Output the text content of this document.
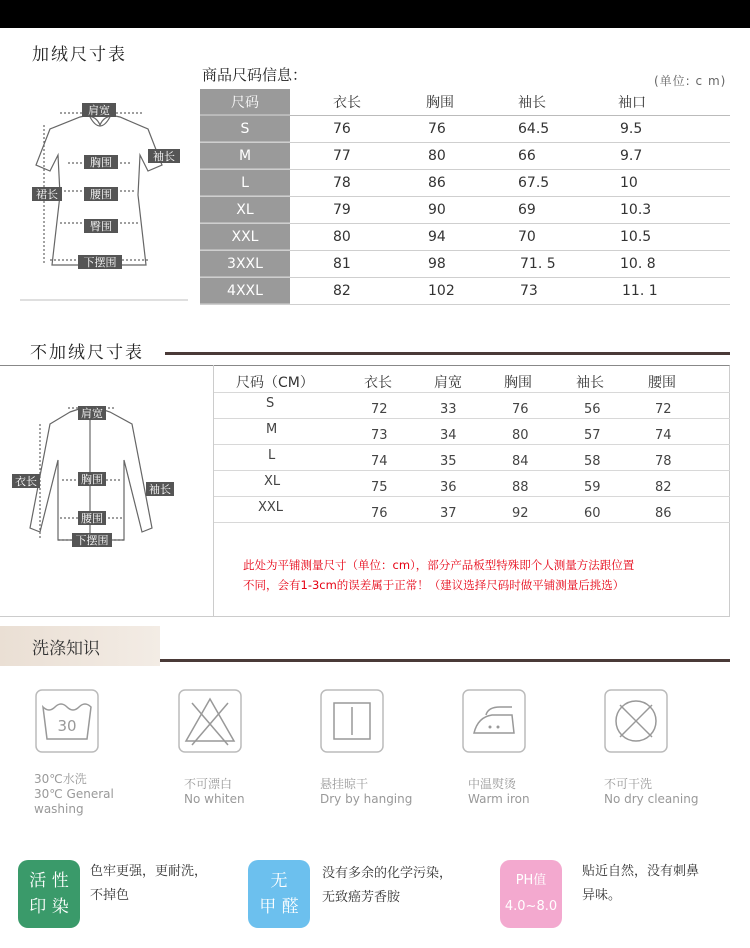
加绒尺寸表
肩宽
胸围	袖长
裙长	腰围
臀围
下摆围
商品尺码信息：	(单位: c m)
尺码	衣长	胸围	袖长	袖口
S	76	76	64.5	9.5
M	77	80	66	9.7
L	78	86	67.5	10
XL	79	90	69	10.3
XXL	80	94	70	10.5
3XXL	81	98	71. 5	10. 8
4XXL	82	102	73	11. 1
不加绒尺寸表
肩宽
衣长	胸围
袖长
腰围
下摆围
尺码（CM）	衣长	肩宽	胸围	袖长	腰围
S	72	33	76	56	72
M	73	34	80	57	74
L	74	35	84	58	78
XL	75	36	88	59	82
XXL	76	37	92	60	86
此处为平铺测量尺寸（单位：cm），部分产品板型特殊即个人测量方法跟位置
不同，会有1-3cm的误差属于正常！（建议选择尺码时做平铺测量后挑选）
洗涤知识
30
30℃水洗
30℃ General washing
不可漂白
No whiten
悬挂晾干
Dry by hanging
中温熨烫
Warm iron
不可干洗
No dry cleaning
活 性
印 染
色牢更强，更耐洗，
不掉色
无
甲 醛
没有多余的化学污染，
无致癌芳香胺
PH值
4.0~8.0
贴近自然，没有刺鼻
异味。
